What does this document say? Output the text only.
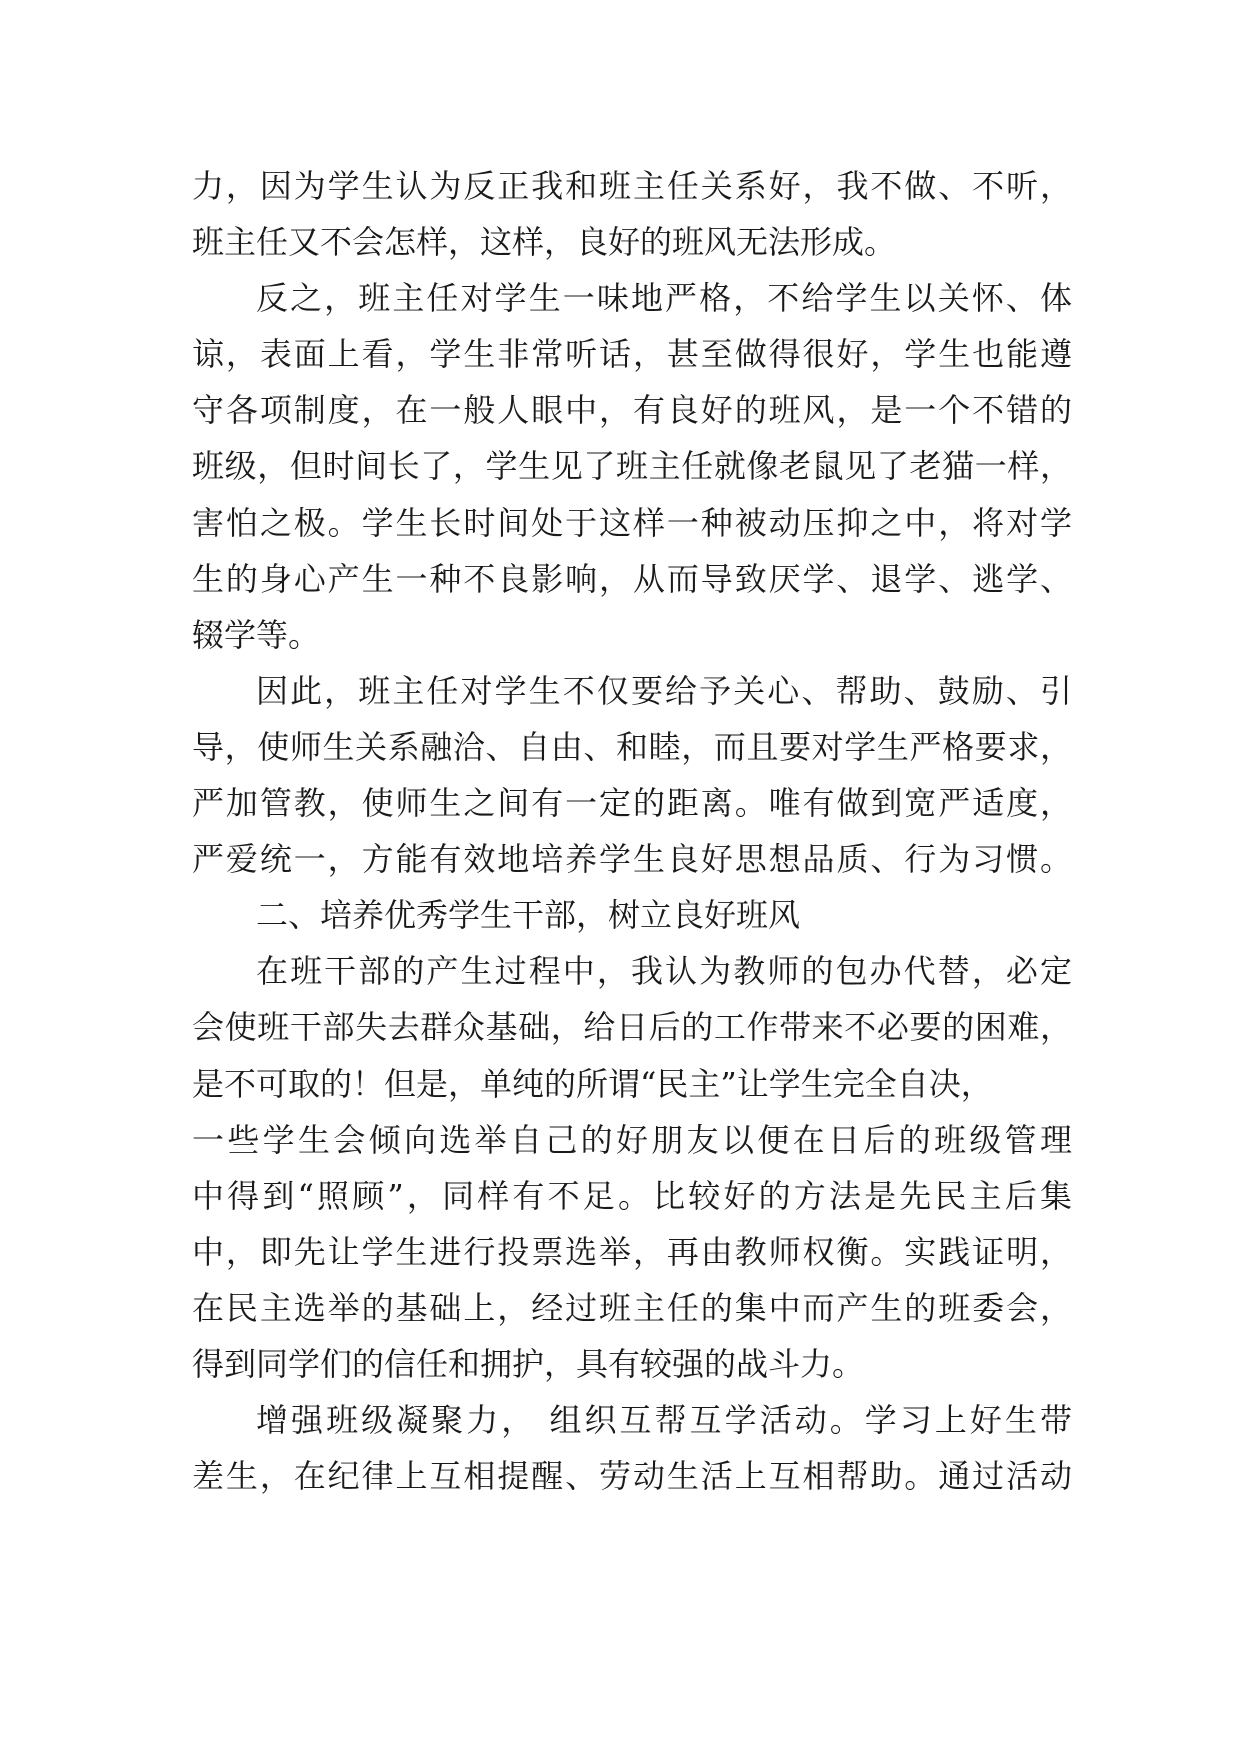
力，因为学生认为反正我和班主任关系好，我不做、不听，
班主任又不会怎样，这样，良好的班风无法形成。
反之，班主任对学生一味地严格，不给学生以关怀、体
谅，表面上看，学生非常听话，甚至做得很好，学生也能遵
守各项制度，在一般人眼中，有良好的班风，是一个不错的
班级，但时间长了，学生见了班主任就像老鼠见了老猫一样，
害怕之极。学生长时间处于这样一种被动压抑之中，将对学
生的身心产生一种不良影响，从而导致厌学、退学、逃学、
辍学等。
因此，班主任对学生不仅要给予关心、帮助、鼓励、引
导，使师生关系融洽、自由、和睦，而且要对学生严格要求，
严加管教，使师生之间有一定的距离。唯有做到宽严适度，
严爱统一，方能有效地培养学生良好思想品质、行为习惯。
二、培养优秀学生干部，树立良好班风
在班干部的产生过程中，我认为教师的包办代替，必定
会使班干部失去群众基础，给日后的工作带来不必要的困难，
是不可取的！但是，单纯的所谓“民主”让学生完全自决，
一些学生会倾向选举自己的好朋友以便在日后的班级管理
中得到“照顾”，同样有不足。比较好的方法是先民主后集
中，即先让学生进行投票选举，再由教师权衡。实践证明，
在民主选举的基础上，经过班主任的集中而产生的班委会，
得到同学们的信任和拥护，具有较强的战斗力。
增强班级凝聚力， 组织互帮互学活动。学习上好生带
差生，在纪律上互相提醒、劳动生活上互相帮助。通过活动
